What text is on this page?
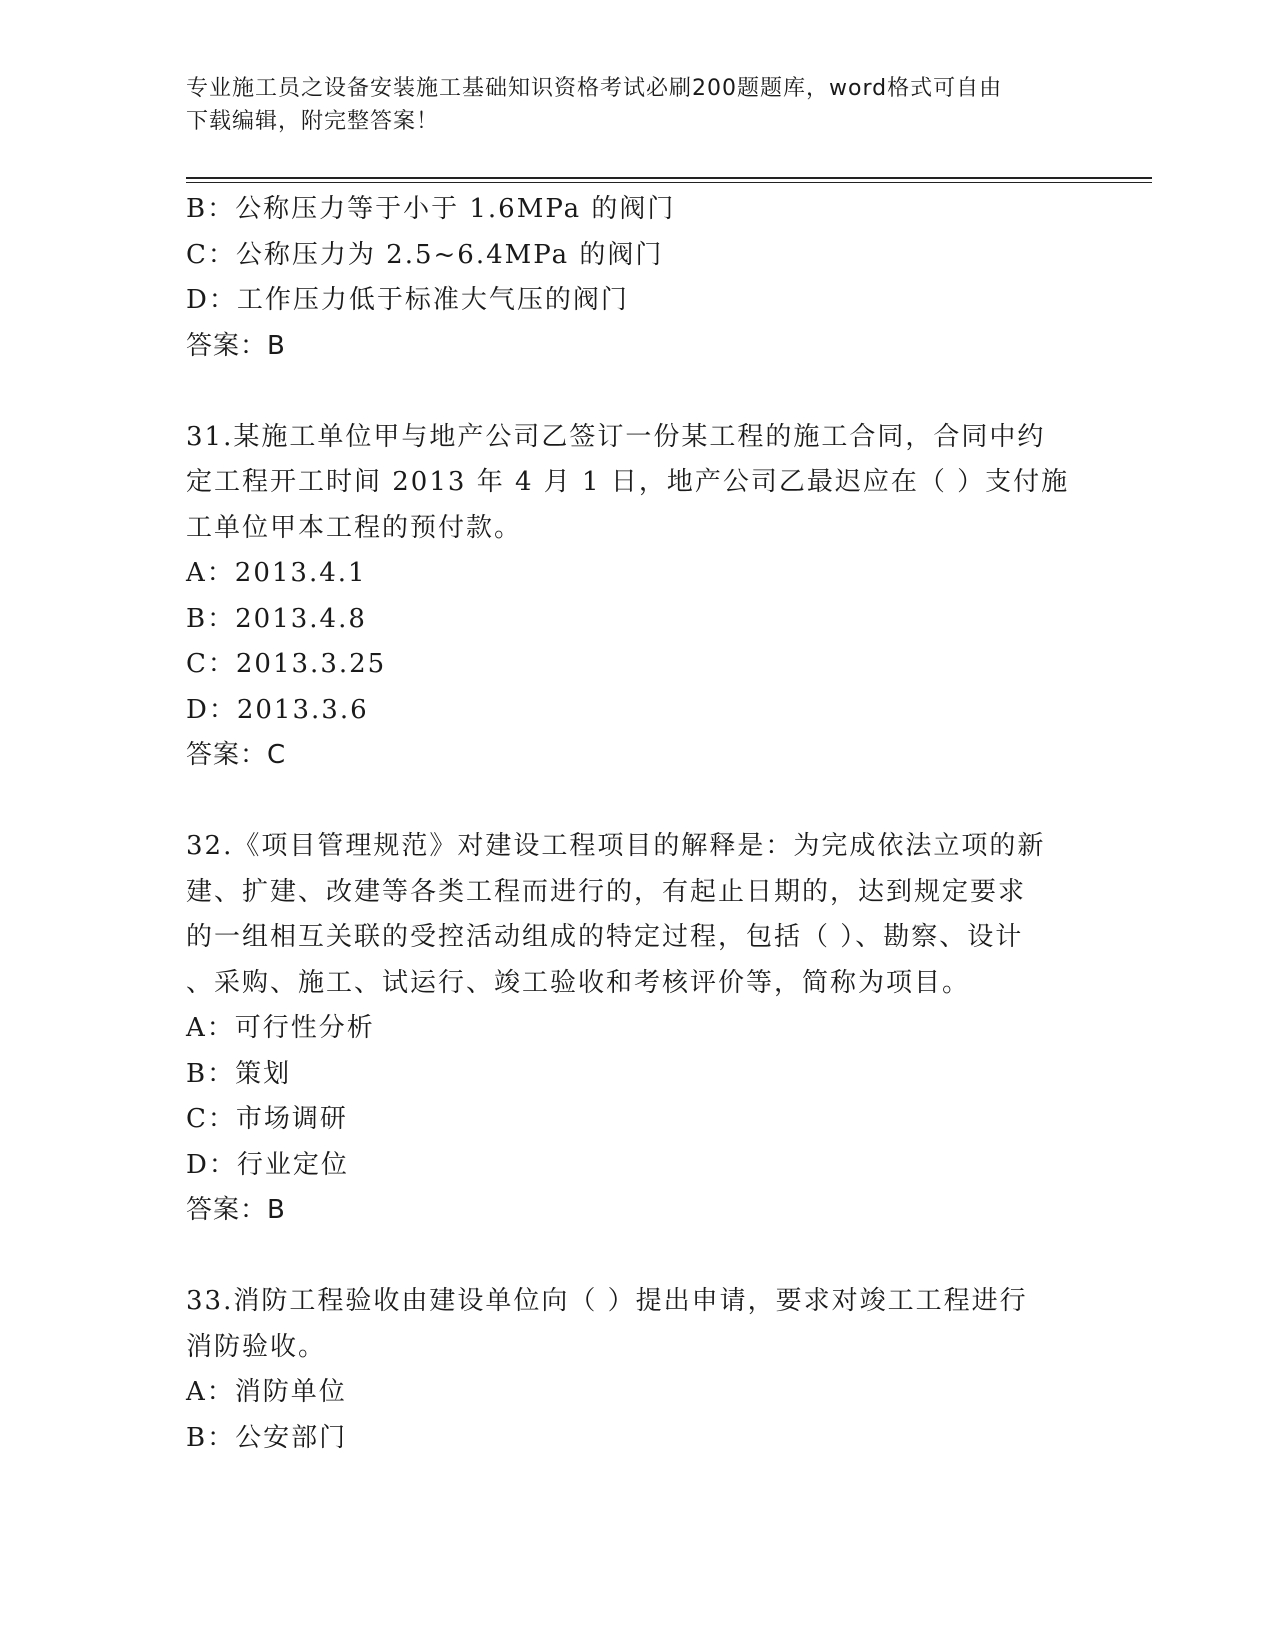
专业施工员之设备安装施工基础知识资格考试必刷200题题库，word格式可自由
下载编辑，附完整答案！
B：公称压力等于小于 1.6MPa 的阀门
C：公称压力为 2.5~6.4MPa 的阀门
D：工作压力低于标准大气压的阀门
答案：B
31.某施工单位甲与地产公司乙签订一份某工程的施工合同，合同中约
定工程开工时间 2013 年 4 月 1 日，地产公司乙最迟应在（ ）支付施
工单位甲本工程的预付款。
A：2013.4.1
B：2013.4.8
C：2013.3.25
D：2013.3.6
答案：C
32.《项目管理规范》对建设工程项目的解释是：为完成依法立项的新
建、扩建、改建等各类工程而进行的，有起止日期的，达到规定要求
的一组相互关联的受控活动组成的特定过程，包括（ ）、勘察、设计
、采购、施工、试运行、竣工验收和考核评价等，简称为项目。
A：可行性分析
B：策划
C：市场调研
D：行业定位
答案：B
33.消防工程验收由建设单位向（ ）提出申请，要求对竣工工程进行
消防验收。
A：消防单位
B：公安部门
